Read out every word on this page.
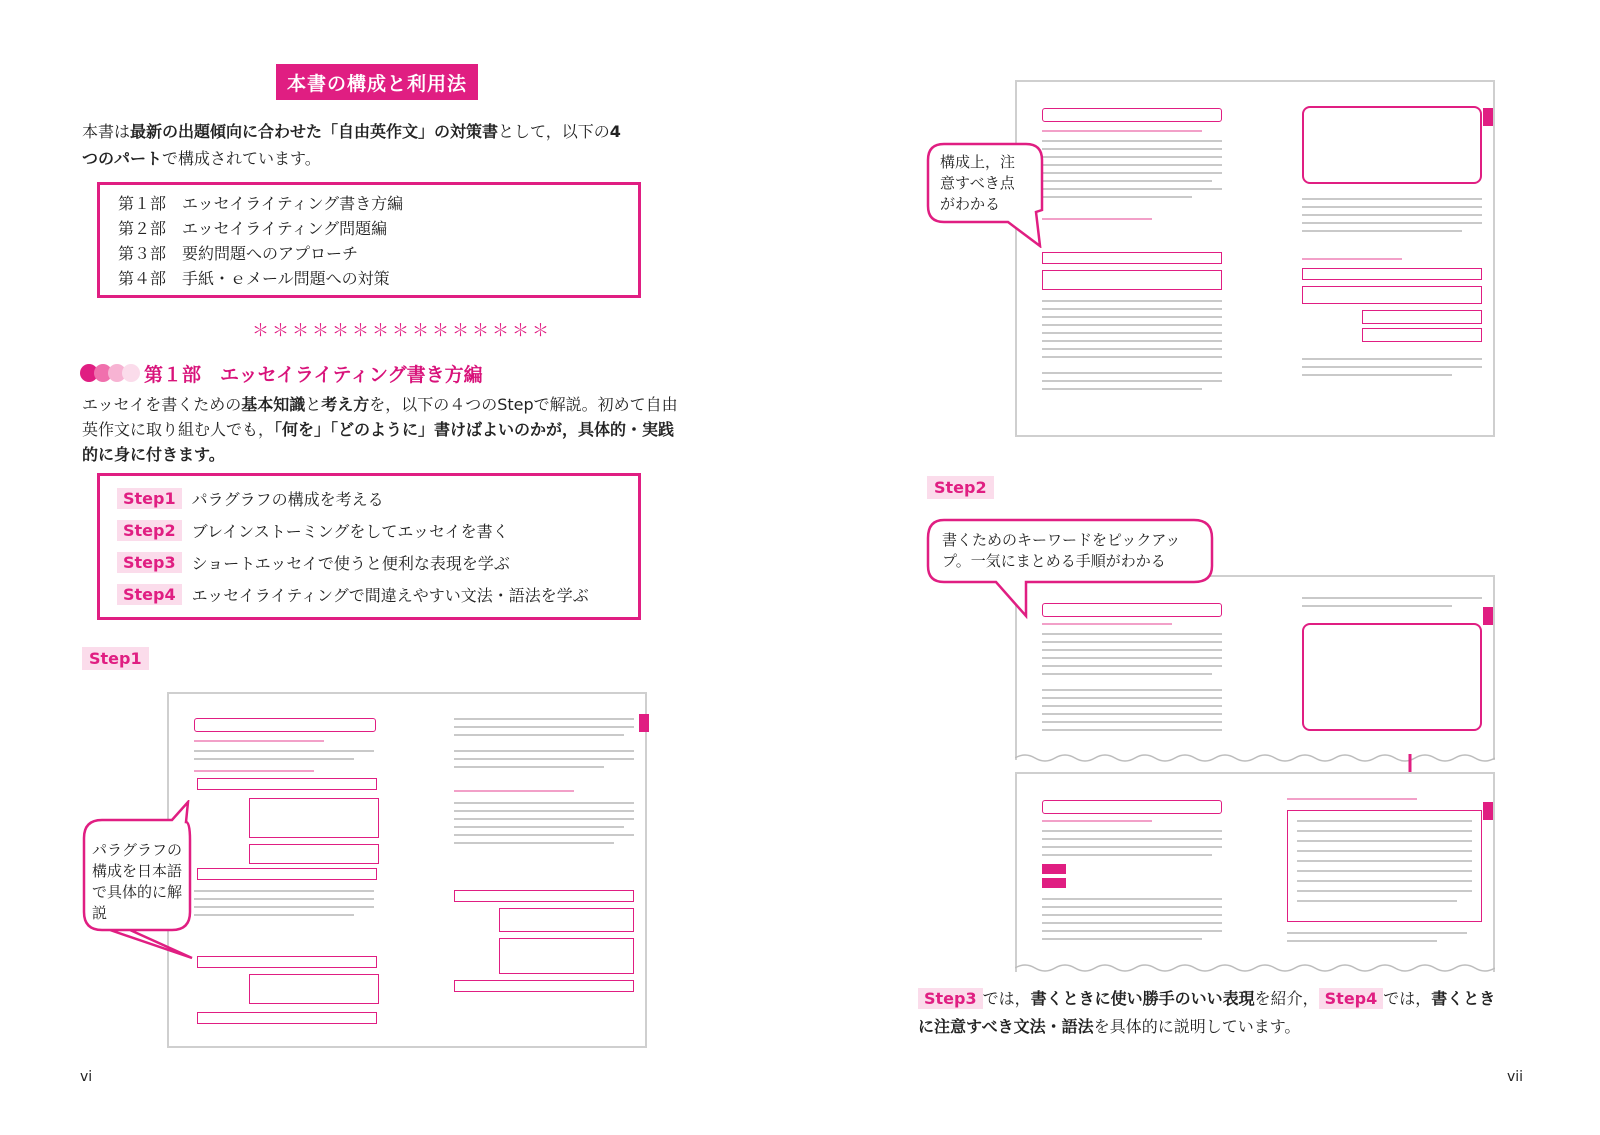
本書の構成と利用法
本書は最新の出題傾向に合わせた「自由英作文」の対策書として，以下の4
つのパートで構成されています。
第１部　エッセイライティング書き方編
第２部　エッセイライティング問題編
第３部　要約問題へのアプローチ
第４部　手紙・ｅメール問題への対策
＊＊＊＊＊＊＊＊＊＊＊＊＊＊＊
第１部　エッセイライティング書き方編
エッセイを書くための基本知識と考え方を，以下の４つのStepで解説。初めて自由英作文に取り組む人でも，「何を」「どのように」書けばよいのかが，具体的・実践的に身に付きます。
Step1	パラグラフの構成を考える
Step2	ブレインストーミングをしてエッセイを書く
Step3	ショートエッセイで使うと便利な表現を学ぶ
Step4	エッセイライティングで間違えやすい文法・語法を学ぶ
Step1
パラグラフの構成を日本語で具体的に解説
vi
構成上，注意すべき点がわかる
Step2
書くためのキーワードをピックアップ。一気にまとめる手順がわかる
Step3 では，書くときに使い勝手のいい表現を紹介， Step4 では，書くときに注意すべき文法・語法を具体的に説明しています。
vii
